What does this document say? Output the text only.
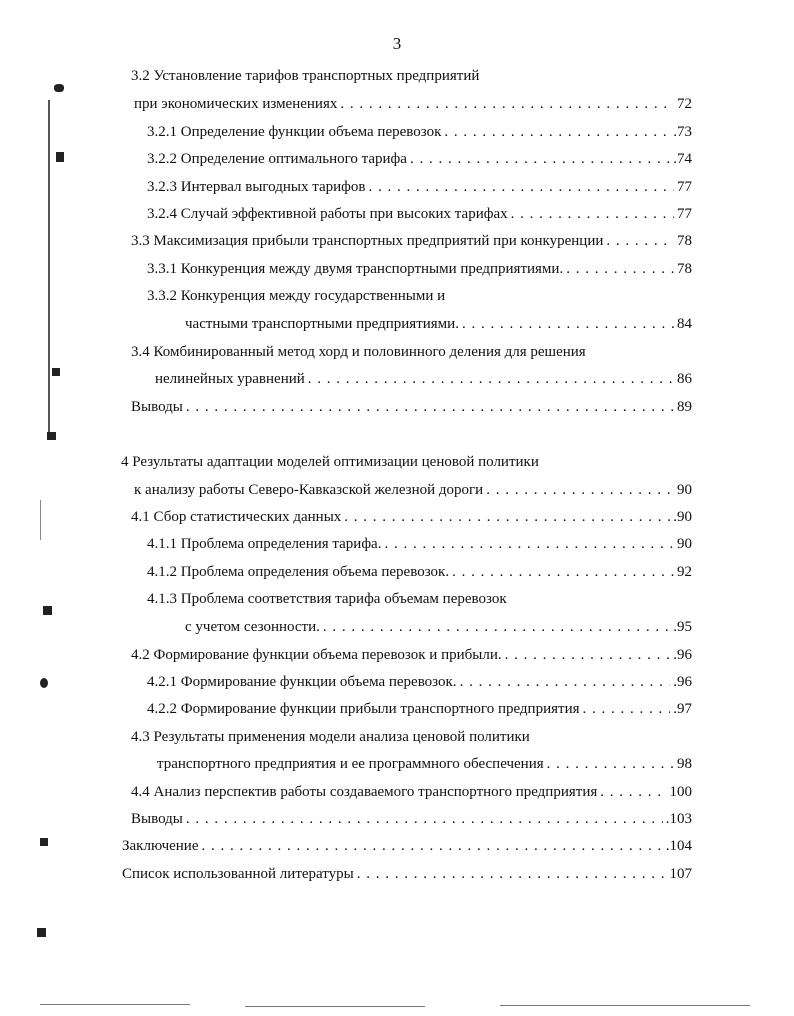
3
3.2 Установление тарифов транспортных предприятий
при экономических изменениях . . .	72
3.2.1 Определение функции объема перевозок . . .	.73
3.2.2 Определение оптимального тарифа . . .	.74
3.2.3 Интервал выгодных тарифов . . .	77
3.2.4 Случай эффективной работы при высоких тарифах . . .	77
3.3 Максимизация прибыли транспортных предприятий при конкуренции . . .	78
3.3.1 Конкуренция между двумя транспортными предприятиями. . . .	78
3.3.2 Конкуренция между государственными и
частными транспортными предприятиями. . . .	84
3.4 Комбинированный метод хорд и половинного деления для решения
нелинейных уравнений . . .	86
Выводы . . .	89
4 Результаты адаптации моделей оптимизации ценовой политики
к анализу работы Северо-Кавказской железной дороги . . .	90
4.1 Сбор статистических данных . . .	.90
4.1.1 Проблема определения тарифа. . . .	90
4.1.2 Проблема определения объема перевозок. . . .	92
4.1.3 Проблема соответствия тарифа объемам перевозок
с учетом сезонности. . . .	.95
4.2 Формирование функции объема перевозок и прибыли. . . .	.96
4.2.1 Формирование функции объема перевозок. . . .	.96
4.2.2 Формирование функции прибыли транспортного предприятия . . .	.97
4.3 Результаты применения модели анализа ценовой политики
транспортного предприятия и ее программного обеспечения . . .	98
4.4 Анализ перспектив работы создаваемого транспортного предприятия . . .	100
Выводы . . .	.103
Заключение . . .	.104
Список использованной литературы . . .	107
